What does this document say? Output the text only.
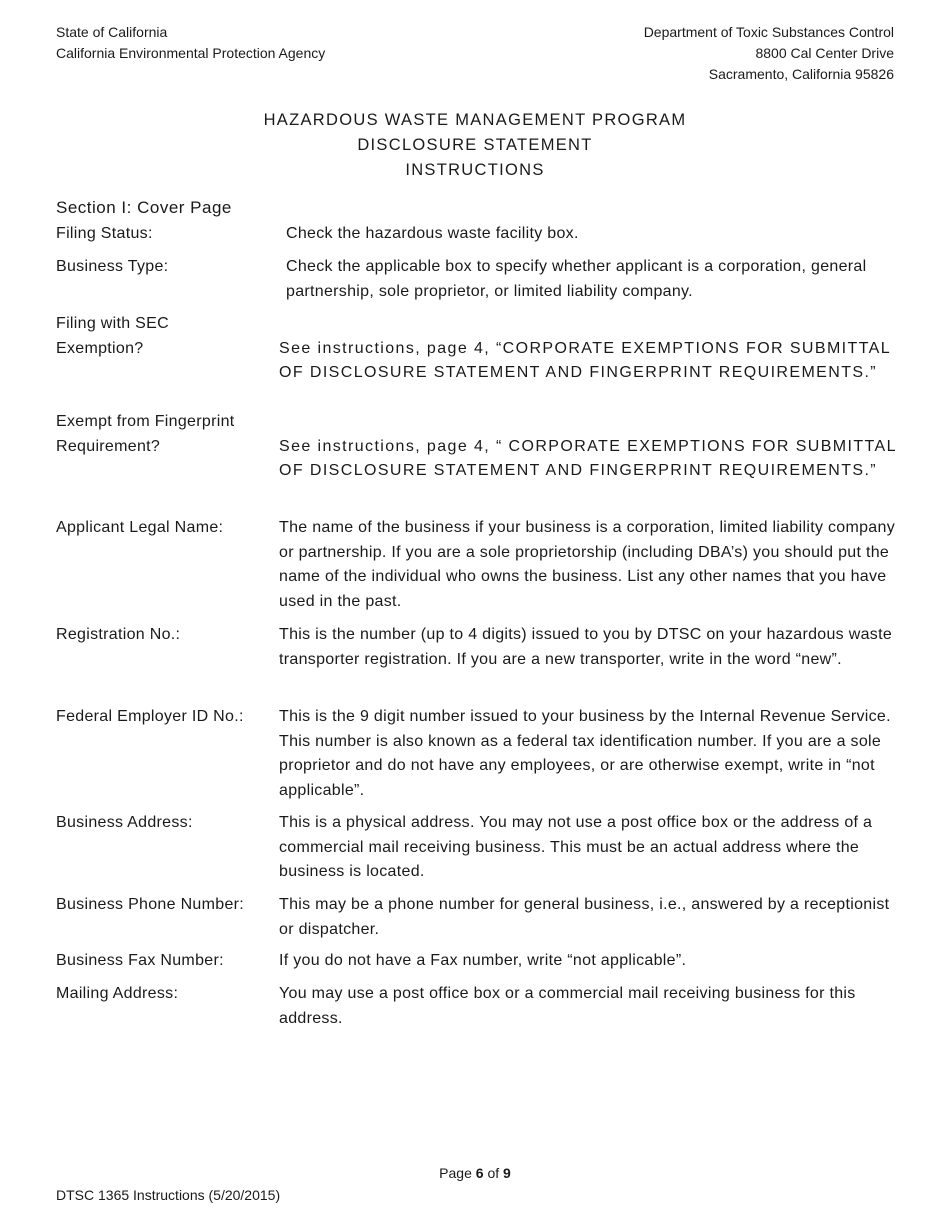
State of California
California Environmental Protection Agency
Department of Toxic Substances Control
8800 Cal Center Drive
Sacramento, California 95826
HAZARDOUS WASTE MANAGEMENT PROGRAM
DISCLOSURE STATEMENT
INSTRUCTIONS
Section I: Cover Page
Filing Status:	Check the hazardous waste facility box.
Business Type:	Check the applicable box to specify whether applicant is a corporation, general partnership, sole proprietor, or limited liability company.
Filing with SEC
Exemption?	See instructions, page 4, “CORPORATE EXEMPTIONS FOR SUBMITTAL OF DISCLOSURE STATEMENT AND FINGERPRINT REQUIREMENTS.”
Exempt from Fingerprint
Requirement?	See instructions, page 4, “ CORPORATE EXEMPTIONS FOR SUBMITTAL OF DISCLOSURE STATEMENT AND FINGERPRINT REQUIREMENTS.”
Applicant Legal Name:	The name of the business if your business is a corporation, limited liability company or partnership. If you are a sole proprietorship (including DBA’s) you should put the name of the individual who owns the business. List any other names that you have used in the past.
Registration No.:	This is the number (up to 4 digits) issued to you by DTSC on your hazardous waste transporter registration. If you are a new transporter, write in the word “new”.
Federal Employer ID No.:	This is the 9 digit number issued to your business by the Internal Revenue Service. This number is also known as a federal tax identification number. If you are a sole proprietor and do not have any employees, or are otherwise exempt, write in “not applicable”.
Business Address:	This is a physical address. You may not use a post office box or the address of a commercial mail receiving business. This must be an actual address where the business is located.
Business Phone Number:	This may be a phone number for general business, i.e., answered by a receptionist or dispatcher.
Business Fax Number:	If you do not have a Fax number, write “not applicable”.
Mailing Address:	You may use a post office box or a commercial mail receiving business for this address.
Page 6 of 9
DTSC 1365 Instructions (5/20/2015)
